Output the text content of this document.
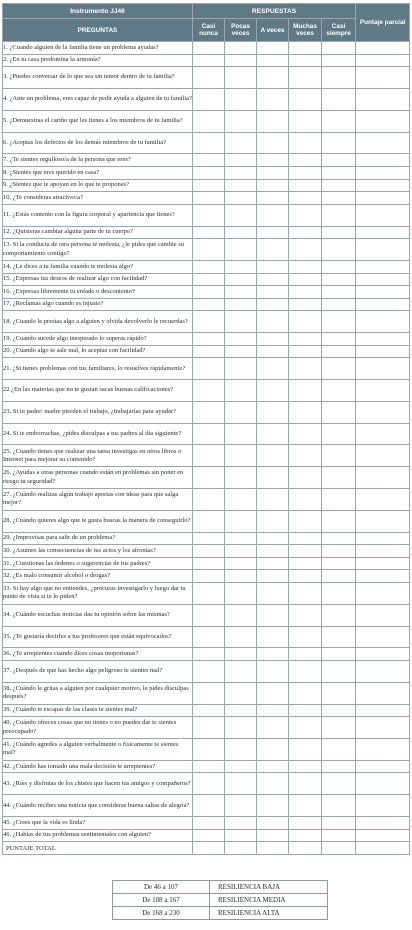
Instrumento JJ46	RESPUESTAS					Puntaje parcial
PREGUNTAS	Casi nunca	Pocas veces	A veces	Muchas veces	Casi siempre	
1. ¿Cuando alguien de la familia tiene un problema ayudas?						
2. ¿En tu casa predomina la armonía?						
3. ¿Puedes conversar de lo que sea sin temor dentro de tu familia?						
4. ¿Ante un problema, eres capaz de pedir ayuda a alguien de tu familia?						
5. ¿Demuestras el cariño que les tienes a los miembros de tu familia?						
6. ¿Aceptas los defectos de los demás miembros de tu familia?						
7. ¿Te sientes orgulloso/a de la persona que eres?						
8. ¿Sientes que eres querido en casa?						
9. ¿Sientes que te apoyan en lo que te propones?						
10. ¿Te consideras atractivo/a?						
11. ¿Estás contento con la figura corporal y apariencia que tienes?						
12. ¿Quisieras cambiar alguna parte de tu cuerpo?						
13. Si la conducta de otra persona te molesta, ¿le pides que cambie su comportamiento contigo?						
14. ¿Le dices a tu familia cuando te molesta algo?						
15. ¿Expresas tus deseos de realizar algo con facilidad?						
16. ¿Expresas libremente tu enfado o descontento?						
17. ¿Reclamas algo cuando es injusto?						
18. ¿Cuando le prestas algo a alguien y olvida devolverlo le recuerdas?						
19. ¿Cuando sucede algo inesperado lo superas rápido?						
20. ¿Cuando algo te sale mal, lo aceptas con facilidad?						
21. ¿Si tienes problemas con tus familiares, lo resuelves rápidamente?						
22 ¿En las materias que no te gustan sacas buenas calificaciones?						
23. Si tu padre/ madre pierden el trabajo, ¿trabajarías para ayudar?						
24. Si te emborrachas, ¿pides disculpas a tus padres al día siguiente?						
25. ¿Cuando tienes que realizar una tarea investigas en otros libros o Internet para mejorar su contenido?						
26. ¿Ayudas a otras personas cuando están en problemas sin poner en riesgo tu seguridad?						
27. ¿Cuándo realizas algún trabajo aportas con ideas para que salga mejor?						
28. ¿Cuándo quieres algo que te gusta buscas la manera de conseguirlo?						
29. ¿Improvisas para salir de un problema?						
30. ¿Asumes las consecuencias de tus actos y los afrontas?						
31. ¿Cuestionas las órdenes o sugerencias de tus padres?						
32. ¿Es malo consumir alcohol o drogas?						
33. Si hay algo que no entiendes, ¿procuras investigarlo y luego dar tu punto de vista si te lo piden?						
34. ¿Cuándo escuchas noticias das tu opinión sobre las mismas?						
35. ¿Te gustaría decirles a tus profesores que están equivocados?						
36. ¿Te arrepientes cuando dices cosas inoportunas?						
37. ¿Después de que has hecho algo peligroso te sientes mal?						
38. ¿Cuándo le gritas a alguien por cualquier motivo, le pides disculpas después?						
39. ¿Cuándo te escapas de las clases te sientes mal?						
40. ¿Cuándo ofreces cosas que no tienes o no puedes dar te sientes preocupado?						
41. ¿Cuándo agredes a alguien verbalmente o físicamente te sientes mal?						
42. ¿Cuándo has tomado una mala decisión te arrepientes?						
43. ¿Ríes y disfrutas de los chistes que hacen tus amigos y compañeros?						
44. ¿Cuándo recibes una noticia que consideras buena saltas de alegría?						
45. ¿Crees que la vida es linda?						
46. ¿Hablas de tus problemas sentimentales con alguien?						
PUNTAJE TOTAL						
De 46 a 107	RESILIENCIA BAJA
De 108 a 167	RESILIENCIA MEDIA
De 168 a 230	RESILIENCIA ALTA
